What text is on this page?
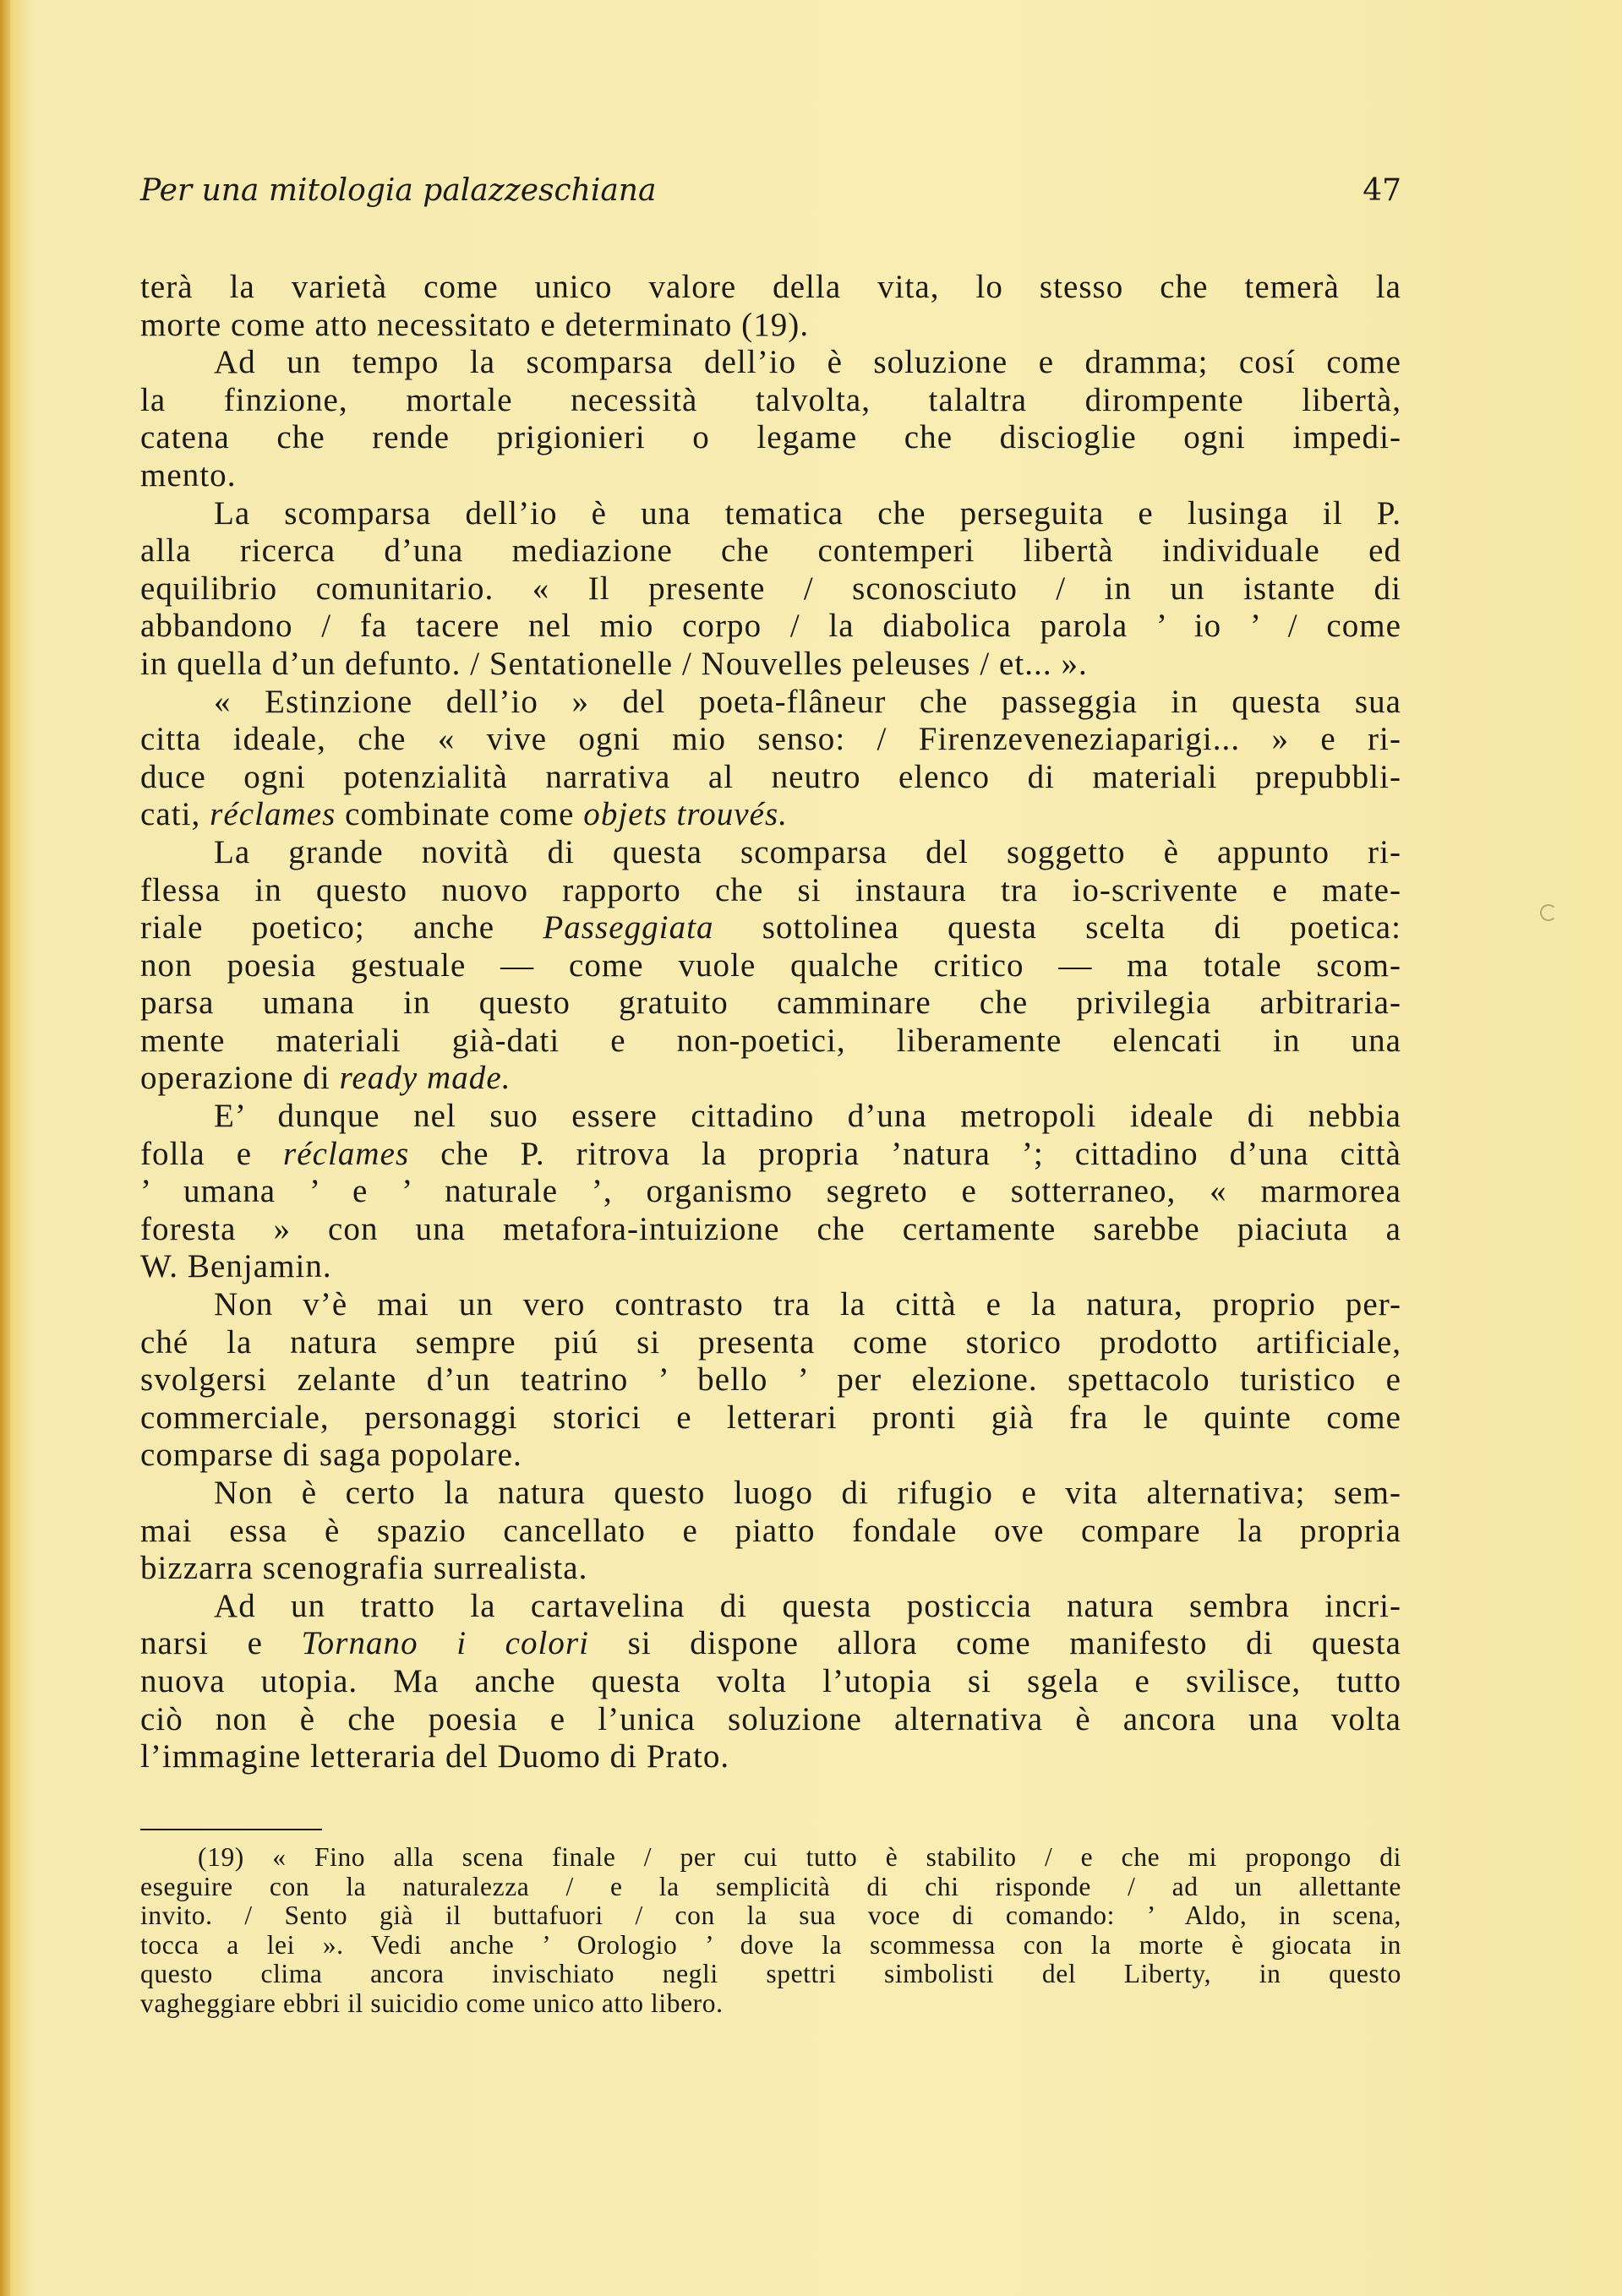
Per una mitologia palazzeschiana	47

terà la varietà come unico valore della vita, lo stesso che temerà la

morte come atto necessitato e determinato (19).

Ad un tempo la scomparsa dell’io è soluzione e dramma; cosí come

la finzione, mortale necessità talvolta, talaltra dirompente libertà,

catena che rende prigionieri o legame che discioglie ogni impedi-

mento.

La scomparsa dell’io è una tematica che perseguita e lusinga il P.

alla ricerca d’una mediazione che contemperi libertà individuale ed

equilibrio comunitario. « Il presente / sconosciuto / in un istante di

abbandono / fa tacere nel mio corpo / la diabolica parola ’ io ’ / come

in quella d’un defunto. / Sentationelle / Nouvelles peleuses / et... ».

« Estinzione dell’io » del poeta-flâneur che passeggia in questa sua

citta ideale, che « vive ogni mio senso: / Firenzeveneziaparigi... » e ri-

duce ogni potenzialità narrativa al neutro elenco di materiali prepubbli-

cati, réclames combinate come objets trouvés.

La grande novità di questa scomparsa del soggetto è appunto ri-

flessa in questo nuovo rapporto che si instaura tra io-scrivente e mate-

riale poetico; anche Passeggiata sottolinea questa scelta di poetica:

non poesia gestuale — come vuole qualche critico — ma totale scom-

parsa umana in questo gratuito camminare che privilegia arbitraria-

mente materiali già-dati e non-poetici, liberamente elencati in una

operazione di ready made.

E’ dunque nel suo essere cittadino d’una metropoli ideale di nebbia

folla e réclames che P. ritrova la propria ’natura ’; cittadino d’una città

’ umana ’ e ’ naturale ’, organismo segreto e sotterraneo, « marmorea

foresta » con una metafora-intuizione che certamente sarebbe piaciuta a

W. Benjamin.

Non v’è mai un vero contrasto tra la città e la natura, proprio per-

ché la natura sempre piú si presenta come storico prodotto artificiale,

svolgersi zelante d’un teatrino ’ bello ’ per elezione. spettacolo turistico e

commerciale, personaggi storici e letterari pronti già fra le quinte come

comparse di saga popolare.

Non è certo la natura questo luogo di rifugio e vita alternativa; sem-

mai essa è spazio cancellato e piatto fondale ove compare la propria

bizzarra scenografia surrealista.

Ad un tratto la cartavelina di questa posticcia natura sembra incri-

narsi e Tornano i colori si dispone allora come manifesto di questa

nuova utopia. Ma anche questa volta l’utopia si sgela e svilisce, tutto

ciò non è che poesia e l’unica soluzione alternativa è ancora una volta

l’immagine letteraria del Duomo di Prato.

(19) « Fino alla scena finale / per cui tutto è stabilito / e che mi propongo di

eseguire con la naturalezza / e la semplicità di chi risponde / ad un allettante

invito. / Sento già il buttafuori / con la sua voce di comando: ’ Aldo, in scena,

tocca a lei ». Vedi anche ’ Orologio ’ dove la scommessa con la morte è giocata in

questo clima ancora invischiato negli spettri simbolisti del Liberty, in questo

vagheggiare ebbri il suicidio come unico atto libero.
